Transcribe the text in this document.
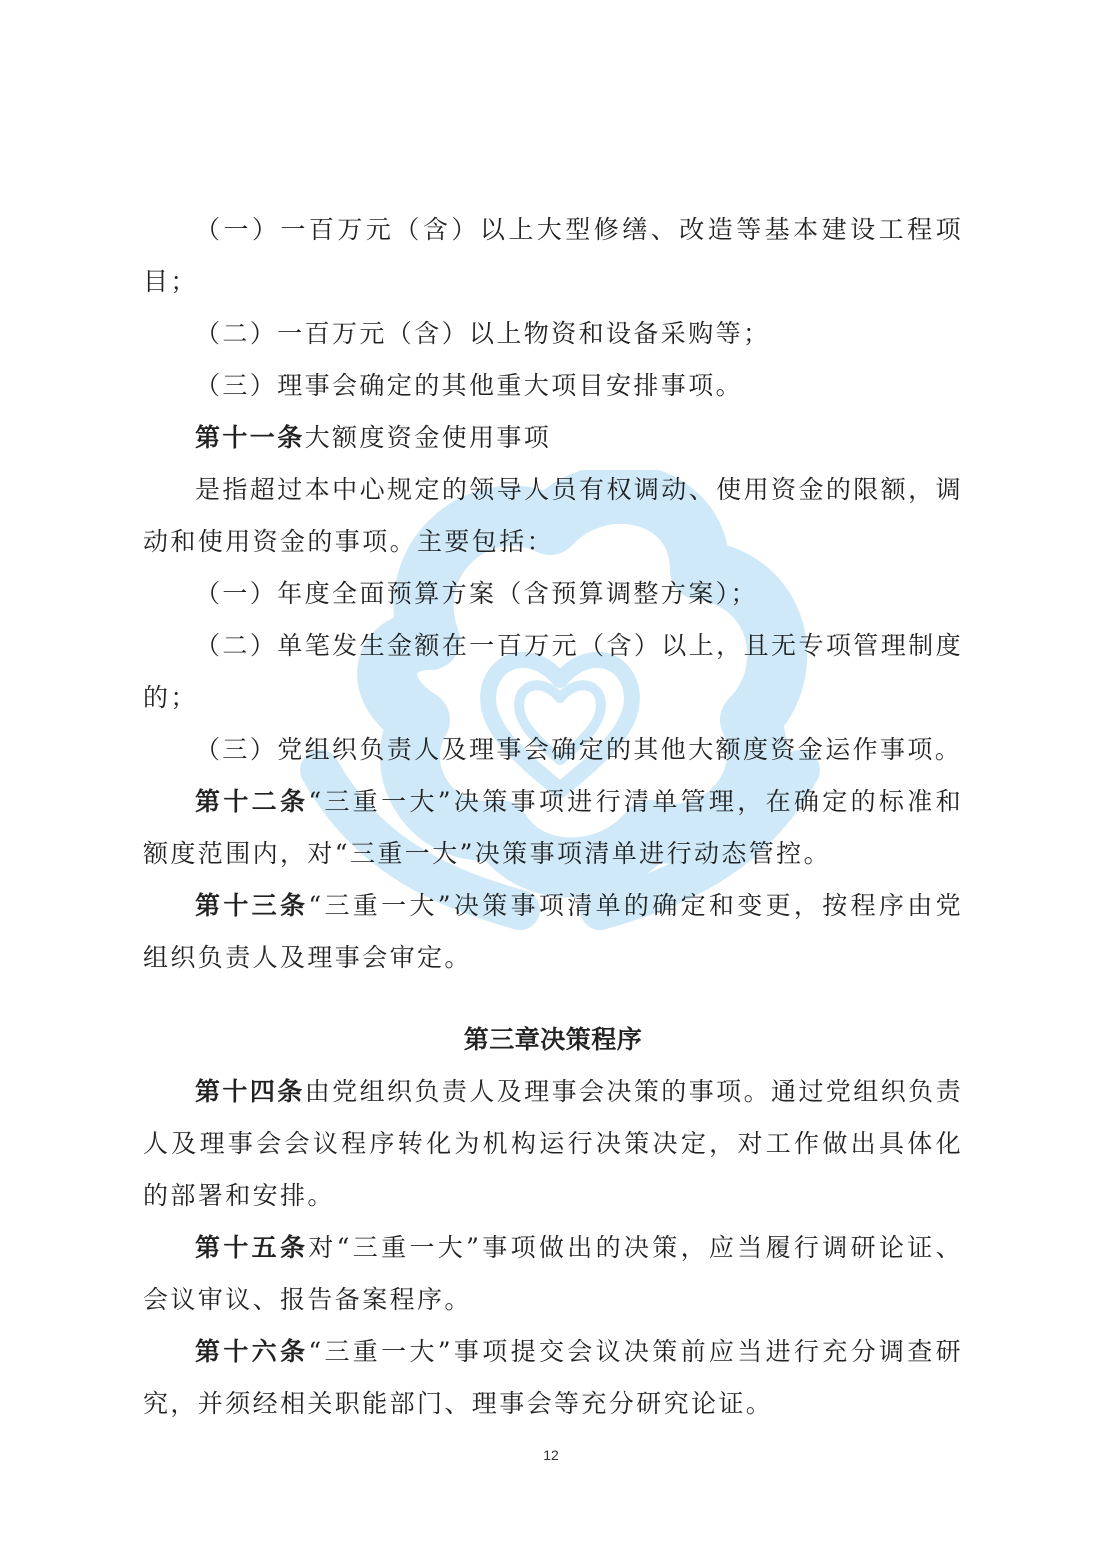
（一）一百万元（含）以上大型修缮、改造等基本建设工程项目；

（二）一百万元（含）以上物资和设备采购等；

（三）理事会确定的其他重大项目安排事项。

第十一条大额度资金使用事项

是指超过本中心规定的领导人员有权调动、使用资金的限额，调动和使用资金的事项。主要包括：

（一）年度全面预算方案（含预算调整方案）；

（二）单笔发生金额在一百万元（含）以上，且无专项管理制度的；

（三）党组织负责人及理事会确定的其他大额度资金运作事项。

第十二条“三重一大”决策事项进行清单管理，在确定的标准和额度范围内，对“三重一大”决策事项清单进行动态管控。

第十三条“三重一大”决策事项清单的确定和变更，按程序由党组织负责人及理事会审定。

第三章决策程序

第十四条由党组织负责人及理事会决策的事项。通过党组织负责人及理事会会议程序转化为机构运行决策决定，对工作做出具体化的部署和安排。

第十五条对“三重一大”事项做出的决策，应当履行调研论证、会议审议、报告备案程序。

第十六条“三重一大”事项提交会议决策前应当进行充分调查研究，并须经相关职能部门、理事会等充分研究论证。

12
